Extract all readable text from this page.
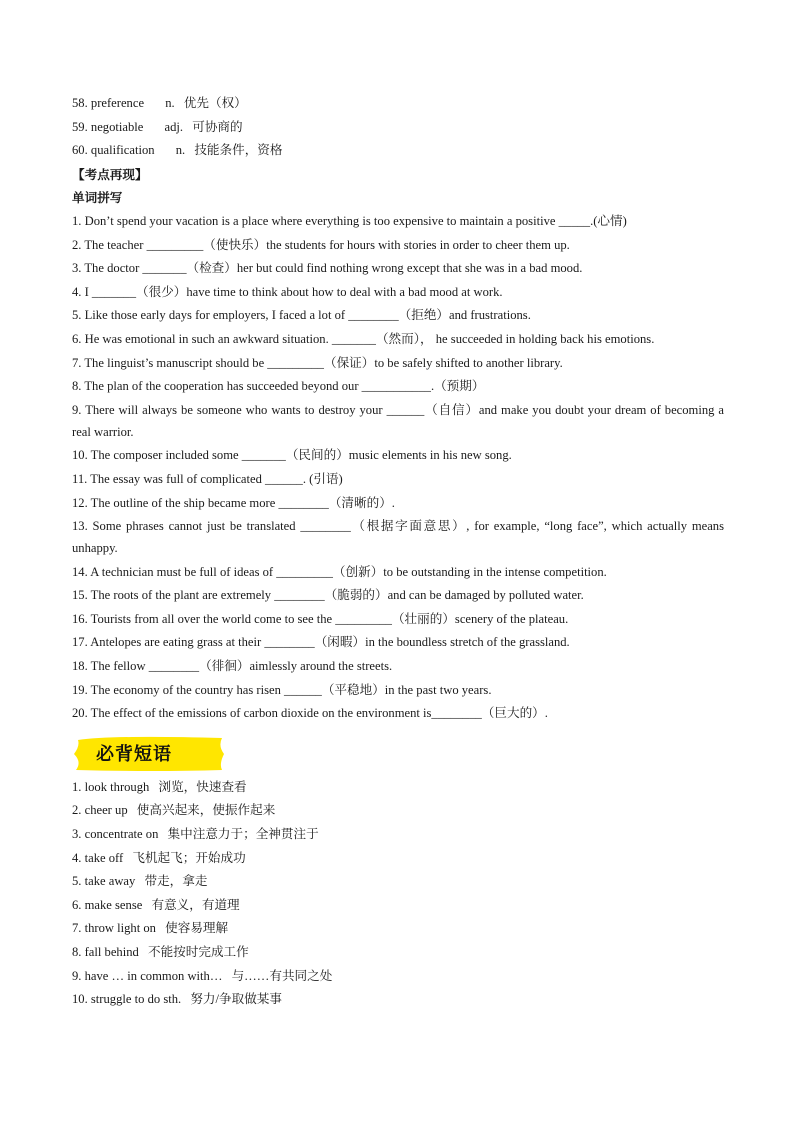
58. preference n. 优先（权）
59. negotiable adj. 可协商的
60. qualification n. 技能条件，资格
【考点再现】
单词拼写
1. Don’t spend your vacation is a place where everything is too expensive to maintain a positive _____.(心情)
2. The teacher _________（使快乐）the students for hours with stories in order to cheer them up.
3. The doctor _______（检查）her but could find nothing wrong except that she was in a bad mood.
4. I _______（很少）have time to think about how to deal with a bad mood at work.
5. Like those early days for employers, I faced a lot of ________（拒绝）and frustrations.
6. He was emotional in such an awkward situation. _______（然而）， he succeeded in holding back his emotions.
7. The linguist’s manuscript should be _________（保证）to be safely shifted to another library.
8. The plan of the cooperation has succeeded beyond our ___________.（预期）
9. There will always be someone who wants to destroy your ______（自信）and make you doubt your dream of becoming a real warrior.
10. The composer included some _______（民间的）music elements in his new song.
11. The essay was full of complicated ______. (引语)
12. The outline of the ship became more ________（清晰的）.
13. Some phrases cannot just be translated ________（根据字面意思）, for example, “long face”, which actually means unhappy.
14. A technician must be full of ideas of _________（创新）to be outstanding in the intense competition.
15. The roots of the plant are extremely ________（脆弱的）and can be damaged by polluted water.
16. Tourists from all over the world come to see the _________（壮丽的）scenery of the plateau.
17. Antelopes are eating grass at their ________（闲暇）in the boundless stretch of the grassland.
18. The fellow ________（徘徊）aimlessly around the streets.
19. The economy of the country has risen ______（平稳地）in the past two years.
20. The effect of the emissions of carbon dioxide on the environment is________（巨大的）.
必背短语
1. look through 浏览，快速查看
2. cheer up 使高兴起来，使振作起来
3. concentrate on 集中注意力于；全神贯注于
4. take off 飞机起飞；开始成功
5. take away 带走，拿走
6. make sense 有意义，有道理
7. throw light on 使容易理解
8. fall behind 不能按时完成工作
9. have … in common with… 与……有共同之处
10. struggle to do sth. 努力/争取做某事
